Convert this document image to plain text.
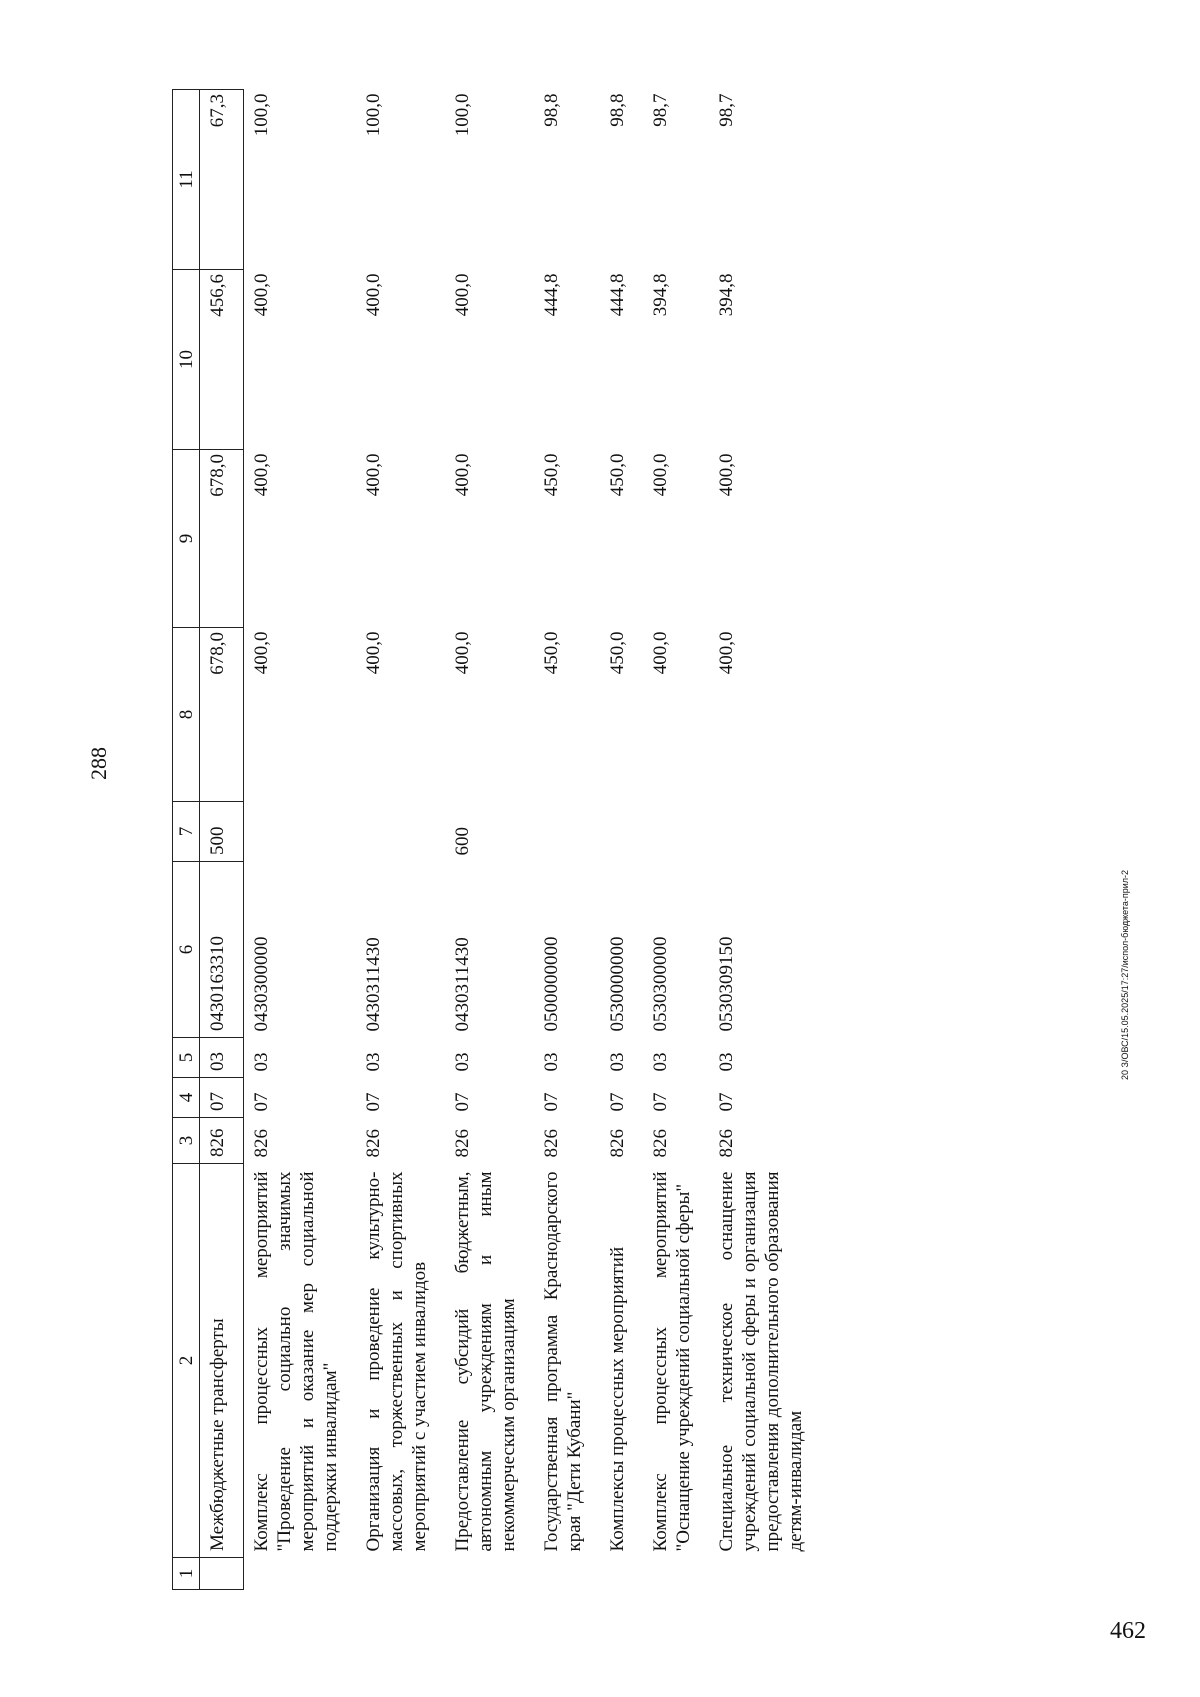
288
1	2	3	4	5	6	7	8	9	10	11
	Межбюджетные трансферты	826	07	03	0430163310	500	678,0	678,0	456,6	67,3
	Комплекс процессных мероприятий "Проведение социально значимых мероприятий и оказание мер социальной поддержки инвалидам"	826	07	03	0430300000		400,0	400,0	400,0	100,0
	Организация и проведение культурно-массовых, торжественных и спортивных мероприятий с участием инвалидов	826	07	03	0430311430		400,0	400,0	400,0	100,0
	Предоставление субсидий бюджетным, автономным учреждениям и иным некоммерческим организациям	826	07	03	0430311430	600	400,0	400,0	400,0	100,0
	Государственная программа Краснодарского края "Дети Кубани"	826	07	03	0500000000		450,0	450,0	444,8	98,8
	Комплексы процессных мероприятий	826	07	03	0530000000		450,0	450,0	444,8	98,8
	Комплекс процессных мероприятий "Оснащение учреждений социальной сферы"	826	07	03	0530300000		400,0	400,0	394,8	98,7
	Специальное техническое оснащение учреждений социальной сферы и организация предоставления дополнительного образования детям-инвалидам	826	07	03	0530309150		400,0	400,0	394,8	98,7
20 З/ОВС/15.05.2025/17:27/испол-бюджета-прил-2
462
